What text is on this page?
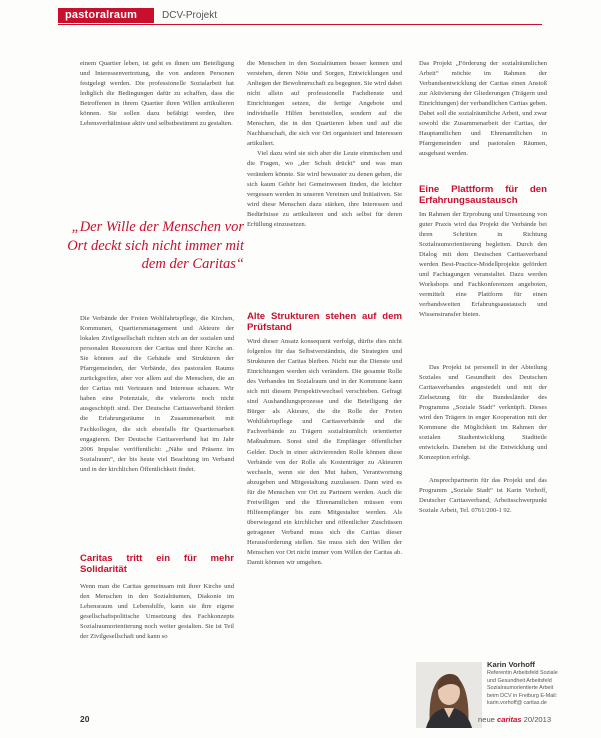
pastoralraum	DCV-Projekt

einem Quartier leben, ist geht es ihnen um Beteiligung und Interessenvertretung, die von anderen Personen festgelegt werden. Die professionelle Sozialarbeit hat lediglich die Bedingungen dafür zu schaffen, dass die Betroffenen in ihrem Quartier ihren Willen artikulieren können. Sie sollen dazu befähigt werden, ihre Lebensverhältnisse aktiv und selbstbestimmt zu gestalten.

„Der Wille der Menschen vor Ort deckt sich nicht immer mit dem der Caritas“

Die Verbände der Freien Wohlfahrtspflege, die Kirchen, Kommunen, Quartiersmanagement und Akteure der lokalen Zivilgesellschaft richten sich an der sozialen und personalen Ressourcen der Caritas und ihrer Kirche an. Sie können auf die Gebäude und Strukturen der Pfarrgemeinden, der Verbände, des pastoralen Raums zurückgreifen, aber vor allem auf die Menschen, die an der Caritas mit Vertrauen und Interesse schauen. Wir haben eine Potenziale, die vielerorts noch nicht ausgeschöpft sind. Der Deutsche Caritasverband fördert die Erfahrungsräume in Zusammenarbeit mit Fachkollegen, die sich ebenfalls für Quartiersarbeit engagieren. Der Deutsche Caritasverband hat im Jahr 2006 Impulse veröffentlicht: „Nähe und Präsenz im Sozialraum“, der bis heute viel Beachtung im Verband und in der kirchlichen Öffentlichkeit findet.

Caritas tritt ein für mehr Solidarität

Wenn man die Caritas gemeinsam mit ihrer Kirche und den Menschen in den Sozialräumen, Diakonie im Lebensraum und Lebenshilfe, kann sie ihre eigene gesellschaftspolitische Umsetzung des Fachkonzepts Sozialraumorientierung noch weiter gestalten. Sie ist Teil der Zivilgesellschaft und kann so

die Menschen in den Sozialräumen besser kennen und verstehen, deren Nöte und Sorgen, Entwicklungen und Anliegen der Bewohnerschaft zu begegnen. Sie wird dabei nicht allein auf professionelle Fachdienste und Einrichtungen setzen, die fertige Angebote und individuelle Hilfen bereitstellen, sondern auf die Menschen, die in den Quartieren leben und auf die Nachbarschaft, die sich vor Ort organisiert und Interessen artikuliert.

Viel dazu wird sie sich aber die Leute einmischen und die Fragen, wo „der Schuh drückt“ und was man verändern könnte. Sie wird bewusster zu denen gehen, die sich kaum Gehör bei Gemeinwesen finden, die leichter vergessen werden in unseren Vereinen und Initiativen. Sie wird diese Menschen dazu stärken, ihre Interessen und Bedürfnisse zu artikulieren und sich selbst für deren Erfüllung einzusetzen.

Alte Strukturen stehen auf dem Prüfstand

Wird dieser Ansatz konsequent verfolgt, dürfte dies nicht folgenlos für das Selbstverständnis, die Strategien und Strukturen der Caritas bleiben. Nicht nur die Dienste und Einrichtungen werden sich verändern. Die gesamte Rolle des Verbandes im Sozialraum und in der Kommune kann sich mit diesem Perspektivwechsel verschieben. Gefragt sind Aushandlungsprozesse und die Beteiligung der Bürger als Akteure, die die Rolle der Freien Wohlfahrtspflege und Caritasverbände und die Fachverbände zu Trägern sozialräumlich orientierter Maßnahmen. Sonst sind die Empfänger öffentlicher Gelder. Doch in einer aktivierenden Rolle können diese Verbände von der Rolle als Kostenträger zu Akteuren wechseln, wenn sie den Mut haben, Verantwortung abzugeben und Mitgestaltung zuzulassen. Dann wird es für die Menschen vor Ort zu Partnern werden. Auch die Freiwilligen und die Ehrenamtlichen müssen vom Hilfeempfänger bis zum Mitgestalter werden. Als überwiegend ein kirchlicher und öffentlicher Zuschüssen getragener Verband muss sich die Caritas dieser Herausforderung stellen. Sie muss sich den Willen der Menschen vor Ort nicht immer vom Willen der Caritas ab. Damit können wir umgehen.

Das Projekt „Förderung der sozialräumlichen Arbeit“ möchte im Rahmen der Verbandsentwicklung der Caritas einen Anstoß zur Aktivierung der Gliederungen (Trägern und Einrichtungen) der verbandlichen Caritas geben. Dabei soll die sozialräumliche Arbeit, und zwar sowohl die Zusammenarbeit der Caritas, der Hauptamtlichen und Ehrenamtlichen in Pfarrgemeinden und pastoralen Räumen, ausgebaut werden.

Eine Plattform für den Erfahrungsaustausch

Im Rahmen der Erprobung und Umsetzung von guter Praxis wird das Projekt die Verbände bei ihren Schritten in Richtung Sozialraumorientierung begleiten. Durch den Dialog mit dem Deutschen Caritasverband werden Best-Practice-Modellprojekte gefördert und Fachtagungen veranstaltet. Dazu werden Workshops und Fachkonferenzen angeboten, vermittelt eine Plattform für einen verbandsweiten Erfahrungsaustausch und Wissenstransfer bieten.

Das Projekt ist personell in der Abteilung Soziales und Gesundheit des Deutschen Caritasverbandes angesiedelt und mit der Zielsetzung für die Bundesländer des Programms „Soziale Stadt“ verknüpft. Dieses wird den Trägern in enger Kooperation mit der Kommune die Möglichkeit im Rahmen der sozialen Stadtentwicklung Stadtteile entwickeln. Daneben ist die Entwicklung und Konzeption erfolgt.

Ansprechpartnerin für das Projekt und das Programm „Soziale Stadt“ ist Karin Vorhoff, Deutscher Caritasverband, Arbeitsschwerpunkt Soziale Arbeit, Tel. 0761/200-1 92.

Karin Vorhoff
Referentin Arbeitsfeld Soziale und Gesundheit Arbeitsfeld Sozialraumorientierte Arbeit beim DCV in Freiburg E-Mail: karin.vorhoff@ caritas.de
20	neue caritas 20/2013
